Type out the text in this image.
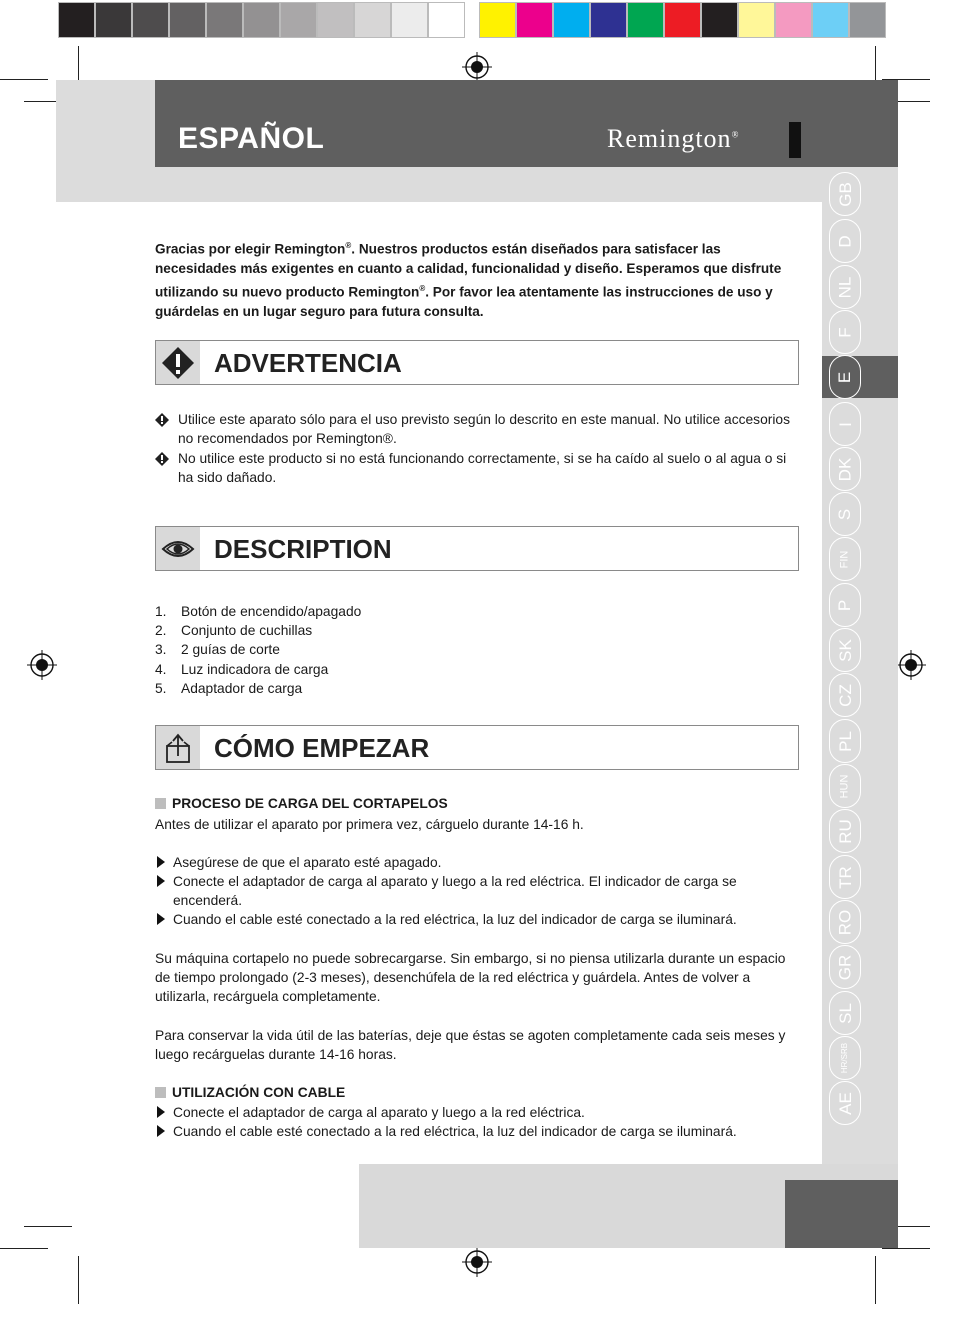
ESPAÑOL	Remington®
GB
D
NL
F
E
I
DK
S
FIN
P
SK
CZ
PL
HUN
RU
TR
RO
GR
SL
HR/SRB
AE
Gracias por elegir Remington®. Nuestros productos están diseñados para satisfacer las necesidades más exigentes en cuanto a calidad, funcionalidad y diseño. Esperamos que disfrute utilizando su nuevo producto Remington®. Por favor lea atentamente las instrucciones de uso y guárdelas en un lugar seguro para futura consulta.
ADVERTENCIA
Utilice este aparato sólo para el uso previsto según lo descrito en este manual. No utilice accesorios no recomendados por Remington®.
No utilice este producto si no está funcionando correctamente, si se ha caído al suelo o al agua o si ha sido dañado.
DESCRIPTION
1.	Botón de encendido/apagado
2.	Conjunto de cuchillas
3.	2 guías de corte
4.	Luz indicadora de carga
5.	Adaptador de carga
CÓMO EMPEZAR
PROCESO DE CARGA DEL CORTAPELOS
Antes de utilizar el aparato por primera vez, cárguelo durante 14-16 h.
Asegúrese de que el aparato esté apagado.
Conecte el adaptador de carga al aparato y luego a la red eléctrica. El indicador de carga se encenderá.
Cuando el cable esté conectado a la red eléctrica, la luz del indicador de carga se iluminará.
Su máquina cortapelo no puede sobrecargarse. Sin embargo, si no piensa utilizarla durante un espacio de tiempo prolongado (2-3 meses), desenchúfela de la red eléctrica y guárdela. Antes de volver a utilizarla, recárguela completamente.
Para conservar la vida útil de las baterías, deje que éstas se agoten completamente cada seis meses y luego recárguelas durante 14-16 horas.
UTILIZACIÓN CON CABLE
Conecte el adaptador de carga al aparato y luego a la red eléctrica.
Cuando el cable esté conectado a la red eléctrica, la luz del indicador de carga se iluminará.
